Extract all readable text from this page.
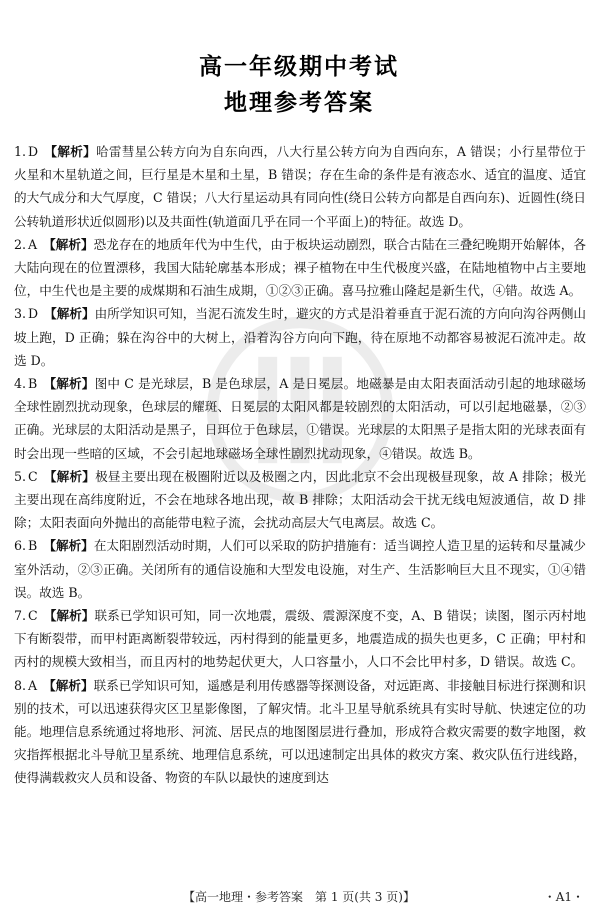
高一年级期中考试
地理参考答案

1. D 【解析】哈雷彗星公转方向为自东向西，八大行星公转方向为自西向东，A 错误；小行星带位于火星和木星轨道之间，巨行星是木星和土星，B 错误；存在生命的条件是有液态水、适宜的温度、适宜的大气成分和大气厚度，C 错误；八大行星运动具有同向性(绕日公转方向都是自西向东)、近圆性(绕日公转轨道形状近似圆形)以及共面性(轨道面几乎在同一个平面上)的特征。故选 D。

2. A 【解析】恐龙存在的地质年代为中生代，由于板块运动剧烈，联合古陆在三叠纪晚期开始解体，各大陆向现在的位置漂移，我国大陆轮廓基本形成；裸子植物在中生代极度兴盛，在陆地植物中占主要地位，中生代也是主要的成煤期和石油生成期，①②③正确。喜马拉雅山隆起是新生代，④错。故选 A。

3. D 【解析】由所学知识可知，当泥石流发生时，避灾的方式是沿着垂直于泥石流的方向向沟谷两侧山坡上跑，D 正确；躲在沟谷中的大树上，沿着沟谷方向向下跑，待在原地不动都容易被泥石流冲走。故选 D。

4. B 【解析】图中 C 是光球层，B 是色球层，A 是日冕层。地磁暴是由太阳表面活动引起的地球磁场全球性剧烈扰动现象，色球层的耀斑、日冕层的太阳风都是较剧烈的太阳活动，可以引起地磁暴，②③正确。光球层的太阳活动是黑子，日珥位于色球层，①错误。光球层的太阳黑子是指太阳的光球表面有时会出现一些暗的区域，不会引起地球磁场全球性剧烈扰动现象，④错误。故选 B。

5. C 【解析】极昼主要出现在极圈附近以及极圈之内，因此北京不会出现极昼现象，故 A 排除；极光主要出现在高纬度附近，不会在地球各地出现，故 B 排除；太阳活动会干扰无线电短波通信，故 D 排除；太阳表面向外抛出的高能带电粒子流，会扰动高层大气电离层。故选 C。

6. B 【解析】在太阳剧烈活动时期，人们可以采取的防护措施有：适当调控人造卫星的运转和尽量减少室外活动，②③正确。关闭所有的通信设施和大型发电设施，对生产、生活影响巨大且不现实，①④错误。故选 B。

7. C 【解析】联系已学知识可知，同一次地震，震级、震源深度不变，A、B 错误；读图，图示丙村地下有断裂带，而甲村距离断裂带较远，丙村得到的能量更多，地震造成的损失也更多，C 正确；甲村和丙村的规模大致相当，而且丙村的地势起伏更大，人口容量小，人口不会比甲村多，D 错误。故选 C。

8. A 【解析】联系已学知识可知，遥感是利用传感器等探测设备，对远距离、非接触目标进行探测和识别的技术，可以迅速获得灾区卫星影像图，了解灾情。北斗卫星导航系统具有实时导航、快速定位的功能。地理信息系统通过将地形、河流、居民点的地图图层进行叠加，形成符合救灾需要的数字地图，救灾指挥根据北斗导航卫星系统、地理信息系统，可以迅速制定出具体的救灾方案、救灾队伍行进线路，使得满载救灾人员和设备、物资的车队以最快的速度到达

【高一地理・参考答案　第 1 页(共 3 页)】	・A1・
